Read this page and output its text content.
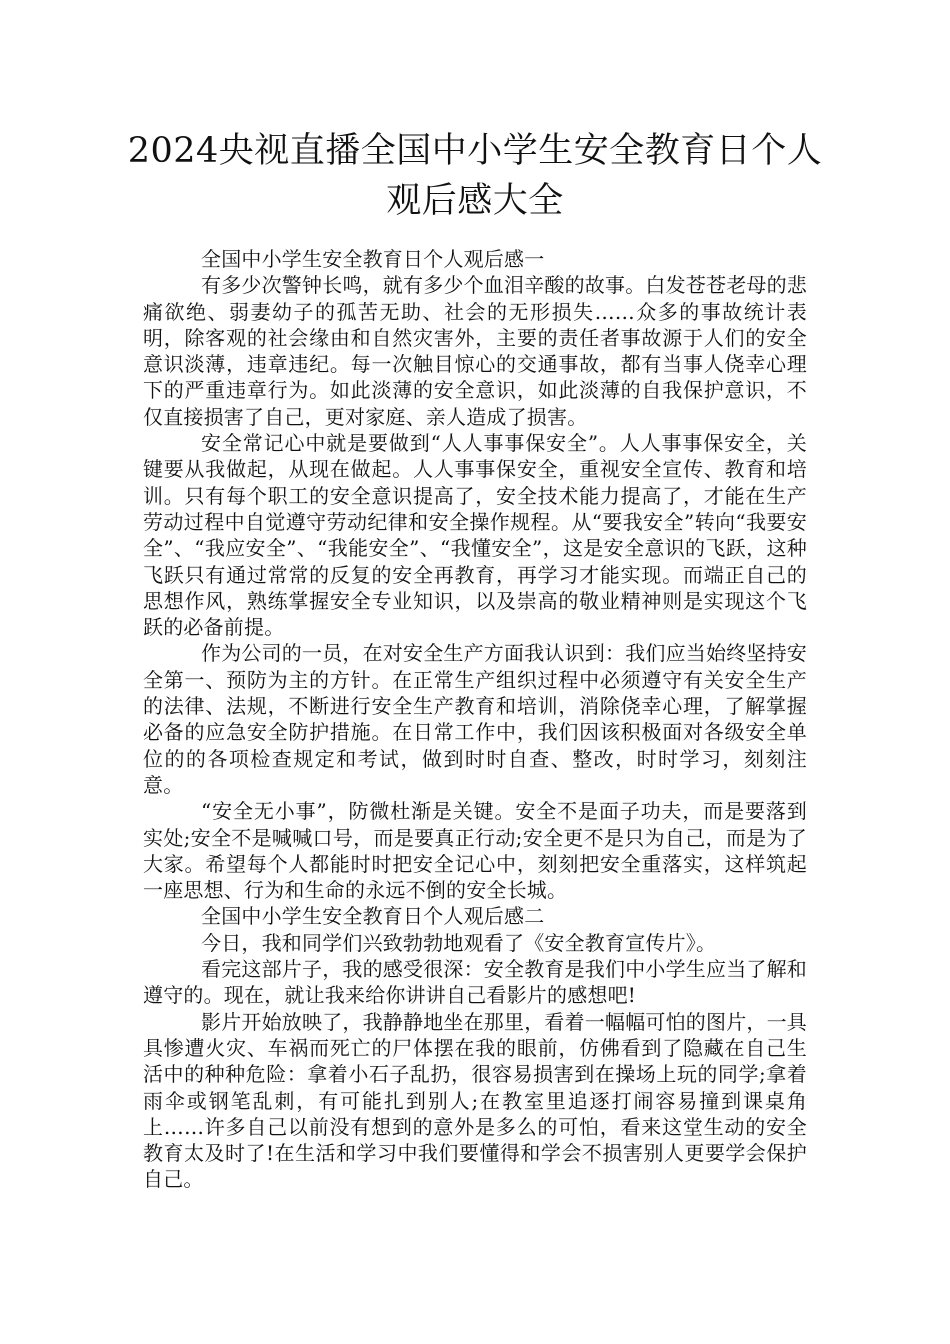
2024央视直播全国中小学生安全教育日个人观后感大全

全国中小学生安全教育日个人观后感一

有多少次警钟长鸣，就有多少个血泪辛酸的故事。白发苍苍老母的悲痛欲绝、弱妻幼子的孤苦无助、社会的无形损失……众多的事故统计表明，除客观的社会缘由和自然灾害外，主要的责任者事故源于人们的安全意识淡薄，违章违纪。每一次触目惊心的交通事故，都有当事人侥幸心理下的严重违章行为。如此淡薄的安全意识，如此淡薄的自我保护意识，不仅直接损害了自己，更对家庭、亲人造成了损害。

安全常记心中就是要做到“人人事事保安全”。人人事事保安全，关键要从我做起，从现在做起。人人事事保安全，重视安全宣传、教育和培训。只有每个职工的安全意识提高了，安全技术能力提高了，才能在生产劳动过程中自觉遵守劳动纪律和安全操作规程。从“要我安全”转向“我要安全”、“我应安全”、“我能安全”、“我懂安全”，这是安全意识的飞跃，这种飞跃只有通过常常的反复的安全再教育，再学习才能实现。而端正自己的思想作风，熟练掌握安全专业知识，以及崇高的敬业精神则是实现这个飞跃的必备前提。

作为公司的一员，在对安全生产方面我认识到：我们应当始终坚持安全第一、预防为主的方针。在正常生产组织过程中必须遵守有关安全生产的法律、法规，不断进行安全生产教育和培训，消除侥幸心理，了解掌握必备的应急安全防护措施。在日常工作中，我们因该积极面对各级安全单位的的各项检查规定和考试，做到时时自查、整改，时时学习，刻刻注意。

“安全无小事”，防微杜渐是关键。安全不是面子功夫，而是要落到实处;安全不是喊喊口号，而是要真正行动;安全更不是只为自己，而是为了大家。希望每个人都能时时把安全记心中，刻刻把安全重落实，这样筑起一座思想、行为和生命的永远不倒的安全长城。

全国中小学生安全教育日个人观后感二

今日，我和同学们兴致勃勃地观看了《安全教育宣传片》。

看完这部片子，我的感受很深：安全教育是我们中小学生应当了解和遵守的。现在，就让我来给你讲讲自己看影片的感想吧!

影片开始放映了，我静静地坐在那里，看着一幅幅可怕的图片，一具具惨遭火灾、车祸而死亡的尸体摆在我的眼前，仿佛看到了隐藏在自己生活中的种种危险：拿着小石子乱扔，很容易损害到在操场上玩的同学;拿着雨伞或钢笔乱刺，有可能扎到别人;在教室里追逐打闹容易撞到课桌角上……许多自己以前没有想到的意外是多么的可怕，看来这堂生动的安全教育太及时了!在生活和学习中我们要懂得和学会不损害别人更要学会保护自己。
